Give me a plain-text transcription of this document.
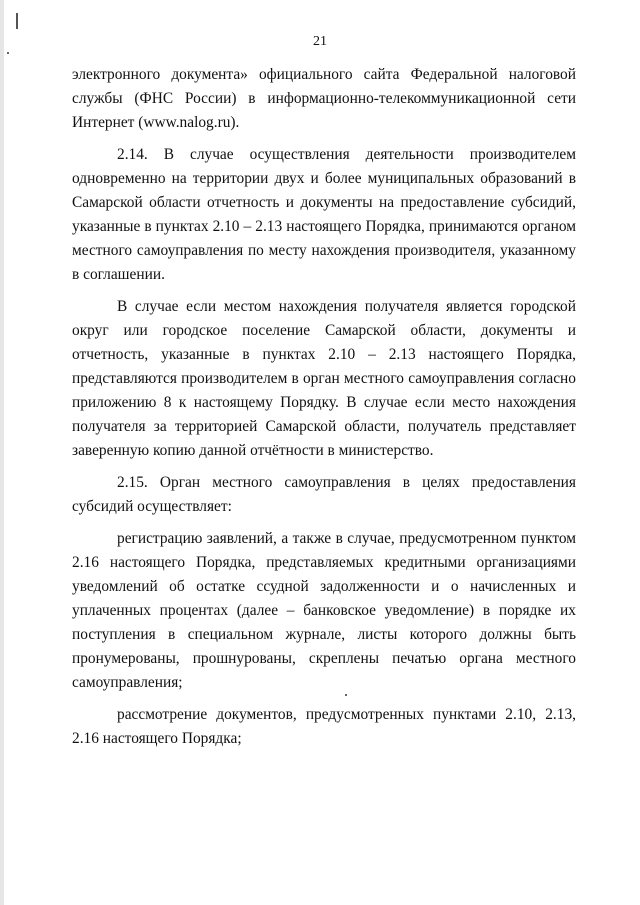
21

электронного документа» официального сайта Федеральной налоговой службы (ФНС России) в информационно-телекоммуникационной сети Интернет (www.nalog.ru).

2.14. В случае осуществления деятельности производителем одновременно на территории двух и более муниципальных образований в Самарской области отчетность и документы на предоставление субсидий, указанные в пунктах 2.10 – 2.13 настоящего Порядка, принимаются органом местного самоуправления по месту нахождения производителя, указанному в соглашении.

В случае если местом нахождения получателя является городской округ или городское поселение Самарской области, документы и отчетность, указанные в пунктах 2.10 – 2.13 настоящего Порядка, представляются производителем в орган местного самоуправления согласно приложению 8 к настоящему Порядку. В случае если место нахождения получателя за территорией Самарской области, получатель представляет заверенную копию данной отчётности в министерство.

2.15. Орган местного самоуправления в целях предоставления субсидий осуществляет:

регистрацию заявлений, а также в случае, предусмотренном пунктом 2.16 настоящего Порядка, представляемых кредитными организациями уведомлений об остатке ссудной задолженности и о начисленных и уплаченных процентах (далее – банковское уведомление) в порядке их поступления в специальном журнале, листы которого должны быть пронумерованы, прошнурованы, скреплены печатью органа местного самоуправления;

рассмотрение документов, предусмотренных пунктами 2.10, 2.13, 2.16 настоящего Порядка;
